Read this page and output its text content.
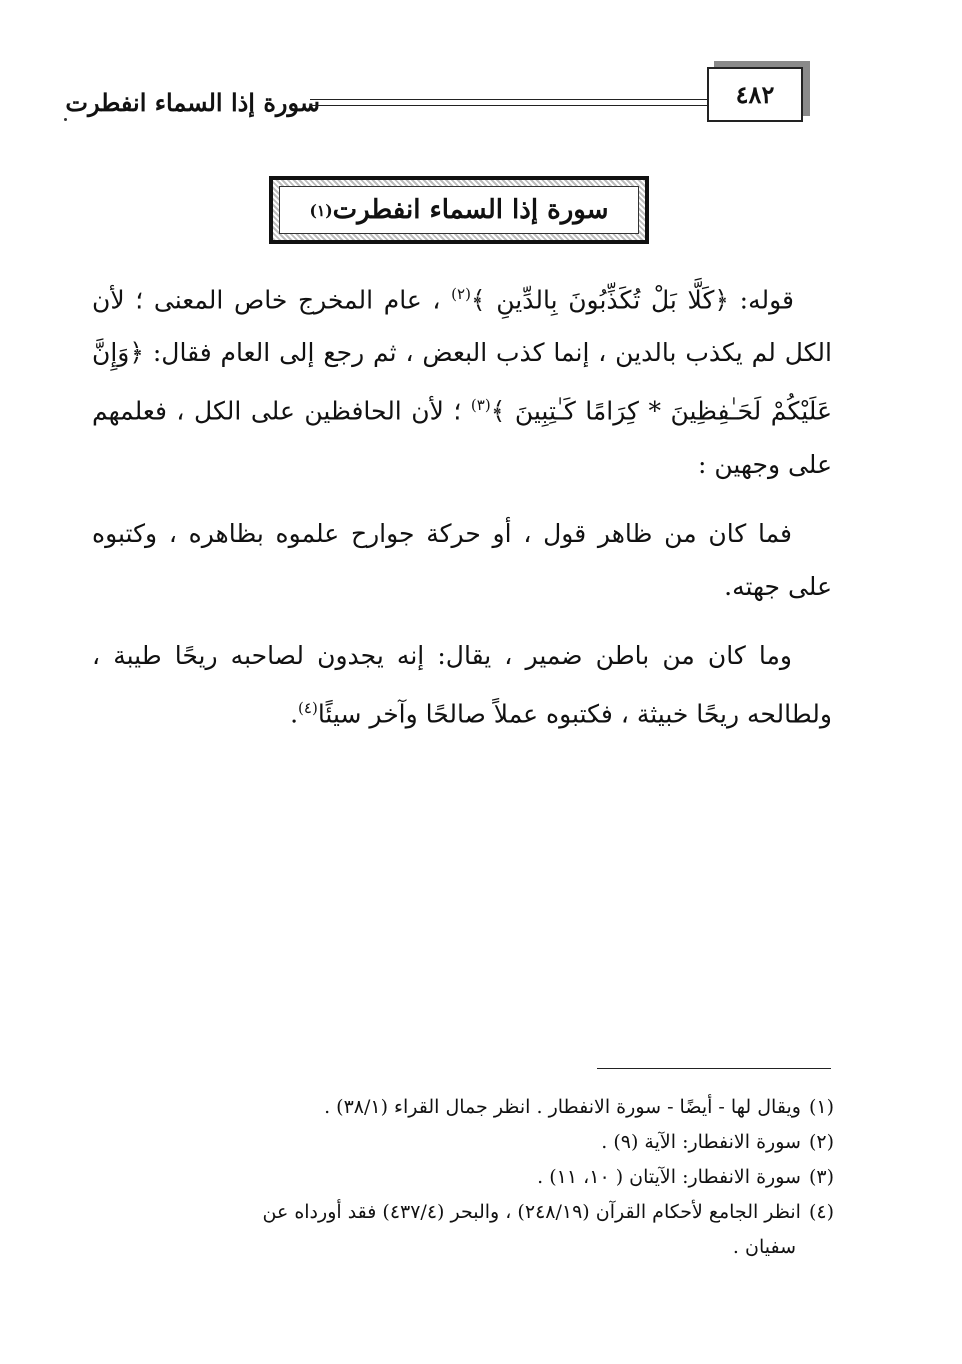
سورة إذا السماء انفطرت	٤٨٢
سورة إذا السماء انفطرت
(١)

قوله: ﴿كَلَّا بَلْ تُكَذِّبُونَ بِالدِّينِ ﴾$^{(٢)}$ ، عام المخرج خاص المعنى ؛ لأن الكل لم يكذب بالدين ، إنما كذب البعض ، ثم رجع إلى العام فقال: ﴿وَإِنَّ عَلَيْكُمْ لَحَـٰفِظِينَ * كِرَامًا كَـٰتِبِينَ ﴾$^{(٣)}$ ؛ لأن الحافظين على الكل ، فعلمهم على وجهين :

فما كان من ظاهر قول ، أو حركة جوارح علموه بظاهره ، وكتبوه على جهته.

وما كان من باطن ضمير ، يقال: إنه يجدون لصاحبه ريحًا طيبة ، ولطالحه ريحًا خبيثة ، فكتبوه عملاً صالحًا وآخر سيئًا$^{(٤)}$.

(١)ويقال لها - أيضًا - سورة الانفطار . انظر جمال القراء (٣٨/١) .

(٢)سورة الانفطار: الآية (٩) .

(٣)سورة الانفطار: الآيتان ( ١٠، ١١) .

(٤)انظر الجامع لأحكام القرآن (٢٤٨/١٩) ، والبحر (٤٣٧/٤) فقد أورداه عن

سفيان .
